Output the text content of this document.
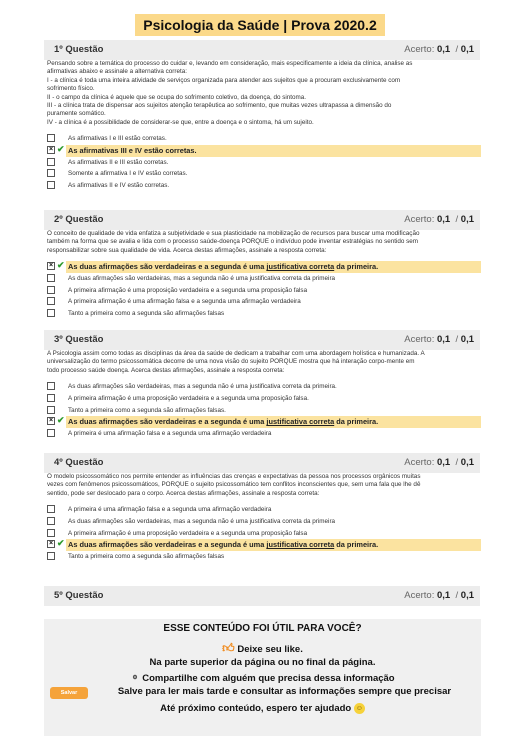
Psicologia da Saúde | Prova 2020.2
1º Questão	Acerto: 0,1 / 0,1

Pensando sobre a temática do processo do cuidar e, levando em consideração, mais especificamente a ideia da clínica, analise as

afirmativas abaixo e assinale a alternativa correta:

I - a clínica é toda uma inteira atividade de serviços organizada para atender aos sujeitos que a procuram exclusivamente com

sofrimento físico.

II - o campo da clínica é aquele que se ocupa do sofrimento coletivo, da doença, do sintoma.

III - a clínica trata de dispensar aos sujeitos atenção terapêutica ao sofrimento, que muitas vezes ultrapassa a dimensão do

puramente somático.

IV - a clínica é a possibilidade de considerar-se que, entre a doença e o sintoma, há um sujeito.

As afirmativas I e III estão corretas.
× ✔ As afirmativas III e IV estão corretas.
As afirmativas II e III estão corretas.
Somente a afirmativa I e IV estão corretas.
As afirmativas II e IV estão corretas.
2º Questão	Acerto: 0,1 / 0,1

O conceito de qualidade de vida enfatiza a subjetividade e sua plasticidade na mobilização de recursos para buscar uma modificação

também na forma que se avalia e lida com o processo saúde-doença PORQUE o indivíduo pode inventar estratégias no sentido sem

responsabilizar sobre sua qualidade de vida. Acerca destas afirmações, assinale a resposta correta:

× ✔ As duas afirmações são verdadeiras e a segunda é uma justificativa correta da primeira.
As duas afirmações são verdadeiras, mas a segunda não é uma justificativa correta da primeira
A primeira afirmação é uma proposição verdadeira e a segunda uma proposição falsa
A primeira afirmação é uma afirmação falsa e a segunda uma afirmação verdadeira
Tanto a primeira como a segunda são afirmações falsas
3º Questão	Acerto: 0,1 / 0,1

A Psicologia assim como todas as disciplinas da área da saúde de dedicam a trabalhar com uma abordagem holística e humanizada. A

universalização do termo psicossomática decorre de uma nova visão do sujeito PORQUE mostra que há interação corpo-mente em

todo processo saúde doença. Acerca destas afirmações, assinale a resposta correta:

As duas afirmações são verdadeiras, mas a segunda não é uma justificativa correta da primeira.
A primeira afirmação é uma proposição verdadeira e a segunda uma proposição falsa.
Tanto a primeira como a segunda são afirmações falsas.
× ✔ As duas afirmações são verdadeiras e a segunda é uma justificativa correta da primeira.
A primeira é uma afirmação falsa e a segunda uma afirmação verdadeira
4º Questão	Acerto: 0,1 / 0,1

O modelo psicossomático nos permite entender as influências das crenças e expectativas da pessoa nos processos orgânicos muitas

vezes com fenômenos psicossomáticos, PORQUE o sujeito psicossomático tem conflitos inconscientes que, sem uma fala que lhe dê

sentido, pode ser deslocado para o corpo. Acerca destas afirmações, assinale a resposta correta:

A primeira é uma afirmação falsa e a segunda uma afirmação verdadeira
As duas afirmações são verdadeiras, mas a segunda não é uma justificativa correta da primeira
A primeira afirmação é uma proposição verdadeira e a segunda uma proposição falsa
× ✔ As duas afirmações são verdadeiras e a segunda é uma justificativa correta da primeira.
Tanto a primeira como a segunda são afirmações falsas
5º Questão	Acerto: 0,1 / 0,1
ESSE CONTEÚDO FOI ÚTIL PARA VOCÊ?
👍︎ Deixe seu like.
Na parte superior da página ou no final da página.
⚬ Compartilhe com alguém que precisa dessa informação
Salvar	Salve para ler mais tarde e consultar as informações sempre que precisar
Até próximo conteúdo, espero ter ajudado ☺
